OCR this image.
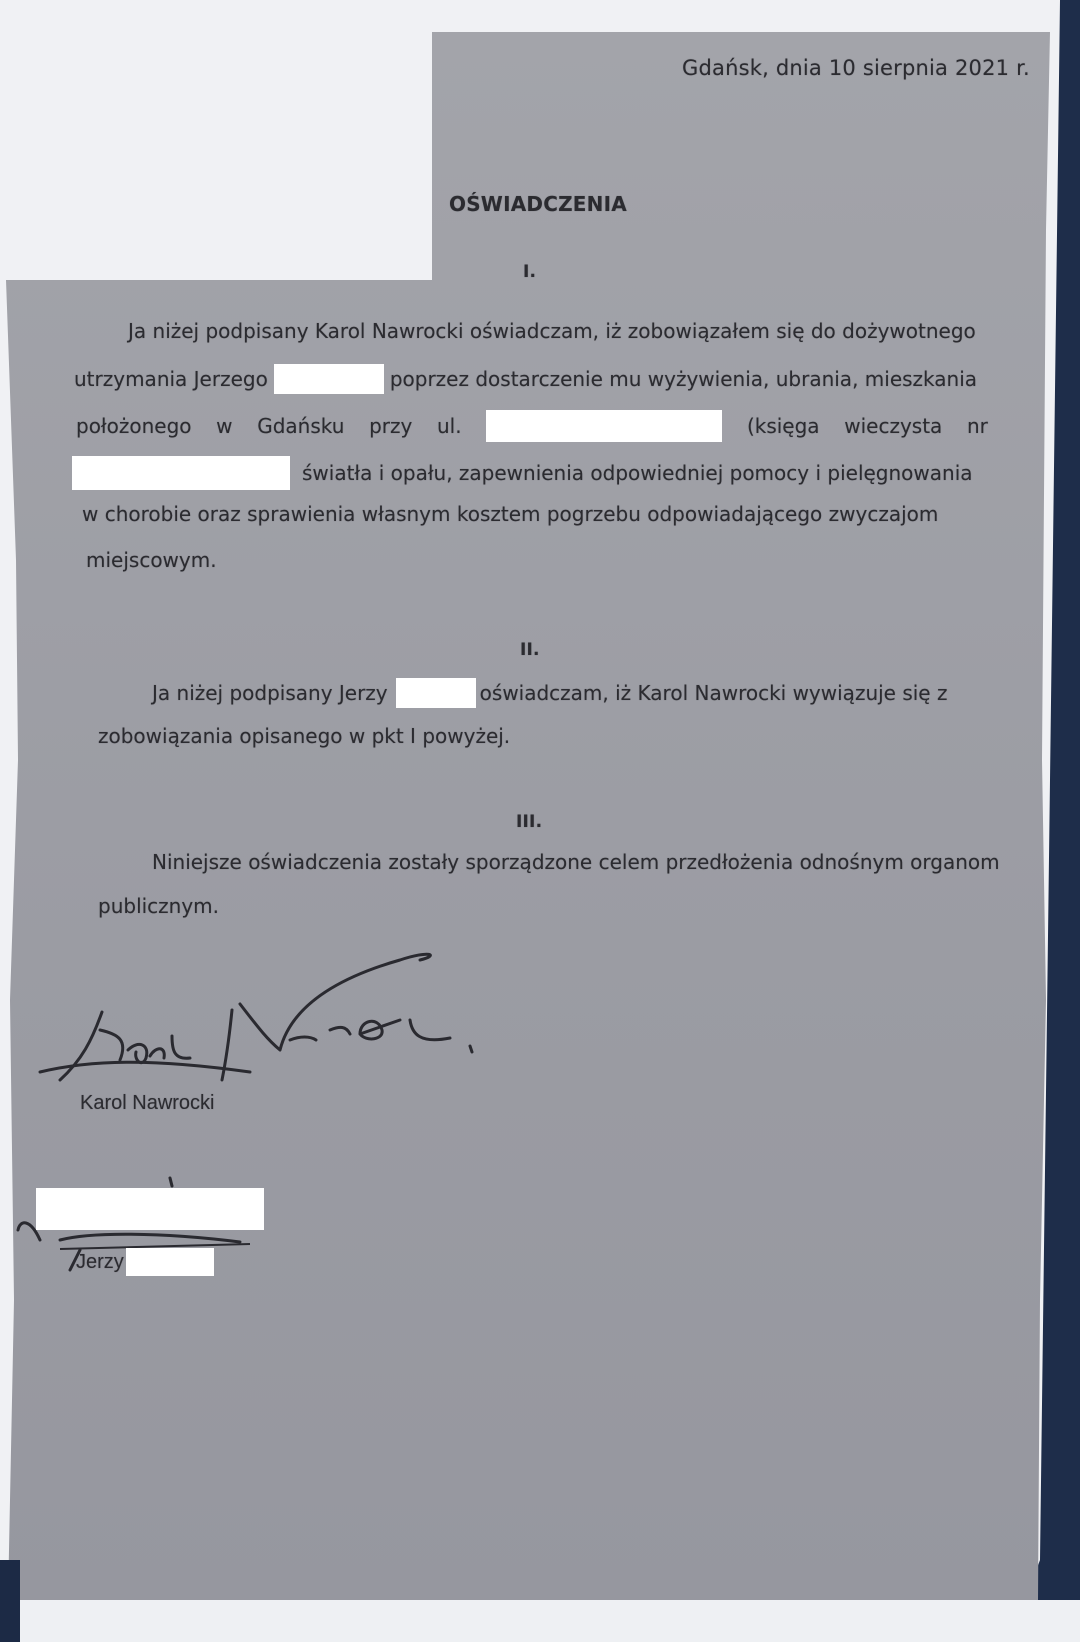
Gdańsk, dnia 10 sierpnia 2021 r.
OŚWIADCZENIA
I.
Ja niżej podpisany Karol Nawrocki oświadczam, iż zobowiązałem się do dożywotnego
utrzymania Jerzego	poprzez dostarczenie mu wyżywienia, ubrania, mieszkania
położonego w Gdańsku przy ul.	(księga wieczysta nr
światła i opału, zapewnienia odpowiedniej pomocy i pielęgnowania
w chorobie oraz sprawienia własnym kosztem pogrzebu odpowiadającego zwyczajom
miejscowym.
II.
Ja niżej podpisany Jerzy	oświadczam, iż Karol Nawrocki wywiązuje się z
zobowiązania opisanego w pkt I powyżej.
III.
Niniejsze oświadczenia zostały sporządzone celem przedłożenia odnośnym organom
publicznym.
Karol Nawrocki
Jerzy
